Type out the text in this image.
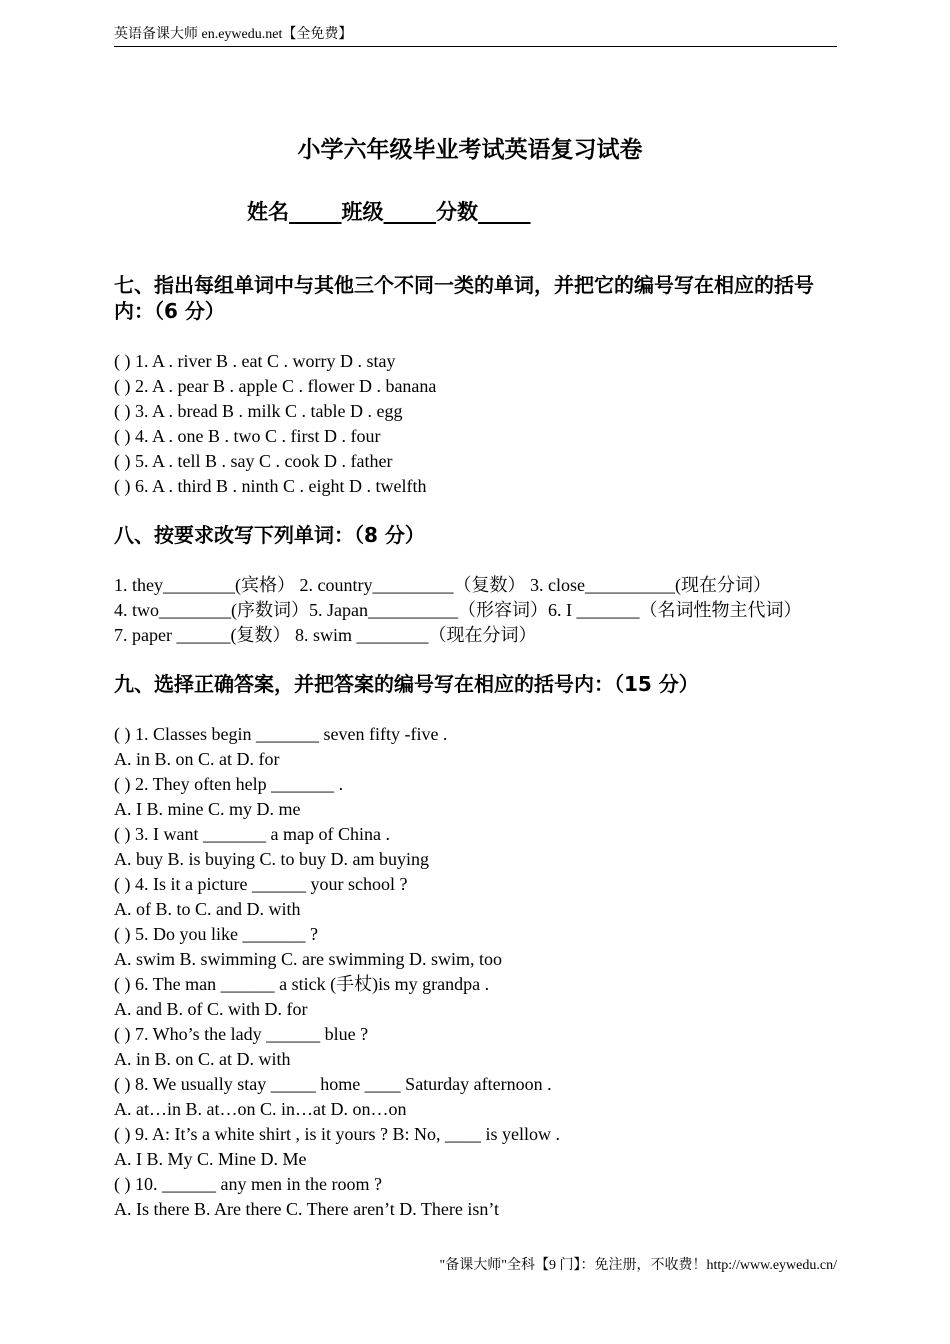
英语备课大师 en.eywedu.net【全免费】
小学六年级毕业考试英语复习试卷
姓名_____班级_____分数_____
七、指出每组单词中与其他三个不同一类的单词，并把它的编号写在相应的括号内：（6 分）
( ) 1. A . river B . eat C . worry D . stay
( ) 2. A . pear B . apple C . flower D . banana
( ) 3. A . bread B . milk C . table D . egg
( ) 4. A . one B . two C . first D . four
( ) 5. A . tell B . say C . cook D . father
( ) 6. A . third B . ninth C . eight D . twelfth
八、按要求改写下列单词：（8 分）
1. they________(宾格） 2. country_________（复数） 3. close__________(现在分词）
4. two________(序数词）5. Japan__________（形容词）6. I _______（名词性物主代词）
7. paper ______(复数） 8. swim ________（现在分词）
九、选择正确答案，并把答案的编号写在相应的括号内：（15 分）
( ) 1. Classes begin _______ seven fifty -five .
A. in B. on C. at D. for
( ) 2. They often help _______ .
A. I B. mine C. my D. me
( ) 3. I want _______ a map of China .
A. buy B. is buying C. to buy D. am buying
( ) 4. Is it a picture ______ your school ?
A. of B. to C. and D. with
( ) 5. Do you like _______ ?
A. swim B. swimming C. are swimming D. swim, too
( ) 6. The man ______ a stick (手杖)is my grandpa .
A. and B. of C. with D. for
( ) 7. Who’s the lady ______ blue ?
A. in B. on C. at D. with
( ) 8. We usually stay _____ home ____ Saturday afternoon .
A. at…in B. at…on C. in…at D. on…on
( ) 9. A: It’s a white shirt , is it yours ? B: No, ____ is yellow .
A. I B. My C. Mine D. Me
( ) 10. ______ any men in the room ?
A. Is there B. Are there C. There aren’t D. There isn’t
"备课大师"全科【9 门】：免注册，不收费！http://www.eywedu.cn/
